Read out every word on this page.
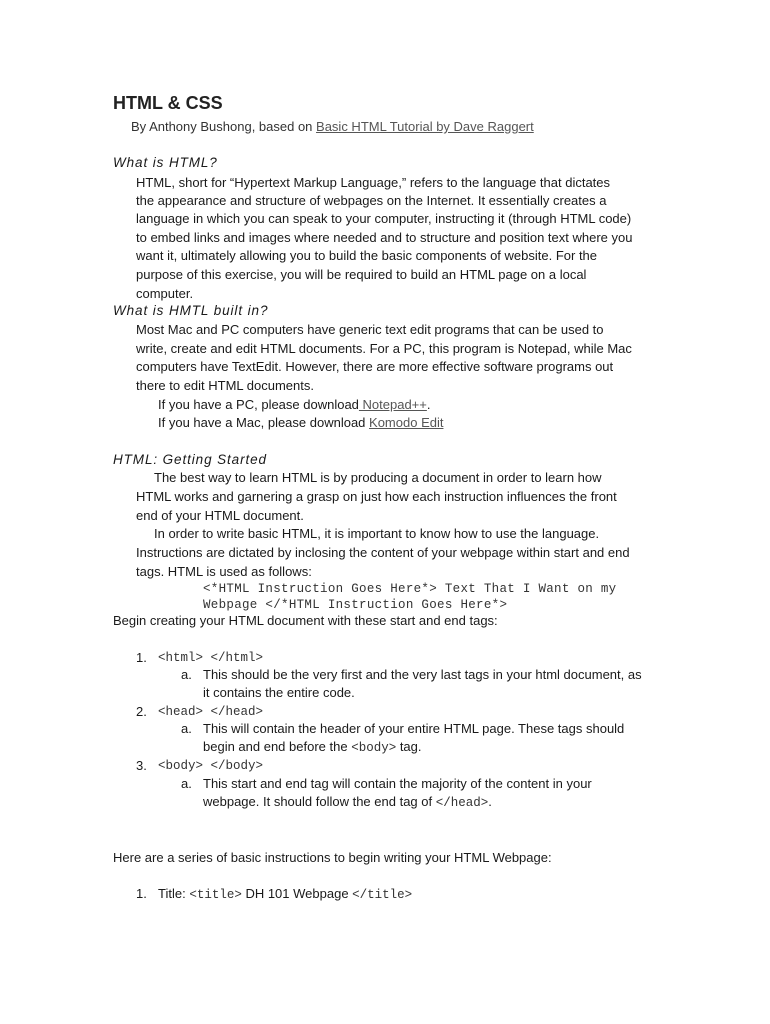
HTML & CSS
By Anthony Bushong, based on Basic HTML Tutorial by Dave Raggert
What is HTML?
HTML, short for “Hypertext Markup Language,” refers to the language that dictates
the appearance and structure of webpages on the Internet. It essentially creates a
language in which you can speak to your computer, instructing it (through HTML code)
to embed links and images where needed and to structure and position text where you
want it, ultimately allowing you to build the basic components of website. For the
purpose of this exercise, you will be required to build an HTML page on a local
computer.
What is HMTL built in?
Most Mac and PC computers have generic text edit programs that can be used to
write, create and edit HTML documents. For a PC, this program is Notepad, while Mac
computers have TextEdit. However, there are more effective software programs out
there to edit HTML documents.
If you have a PC, please download Notepad++.
If you have a Mac, please download Komodo Edit
HTML: Getting Started
The best way to learn HTML is by producing a document in order to learn how
HTML works and garnering a grasp on just how each instruction influences the front
end of your HTML document.
In order to write basic HTML, it is important to know how to use the language.
Instructions are dictated by inclosing the content of your webpage within start and end
tags. HTML is used as follows:
<*HTML Instruction Goes Here*> Text That I Want on my
Webpage </*HTML Instruction Goes Here*>
Begin creating your HTML document with these start and end tags:
1. <html> </html>
a. This should be the very first and the very last tags in your html document, as
it contains the entire code.
2. <head> </head>
a. This will contain the header of your entire HTML page. These tags should
begin and end before the <body> tag.
3. <body> </body>
a. This start and end tag will contain the majority of the content in your
webpage. It should follow the end tag of </head>.
Here are a series of basic instructions to begin writing your HTML Webpage:
1. Title: <title> DH 101 Webpage </title>
